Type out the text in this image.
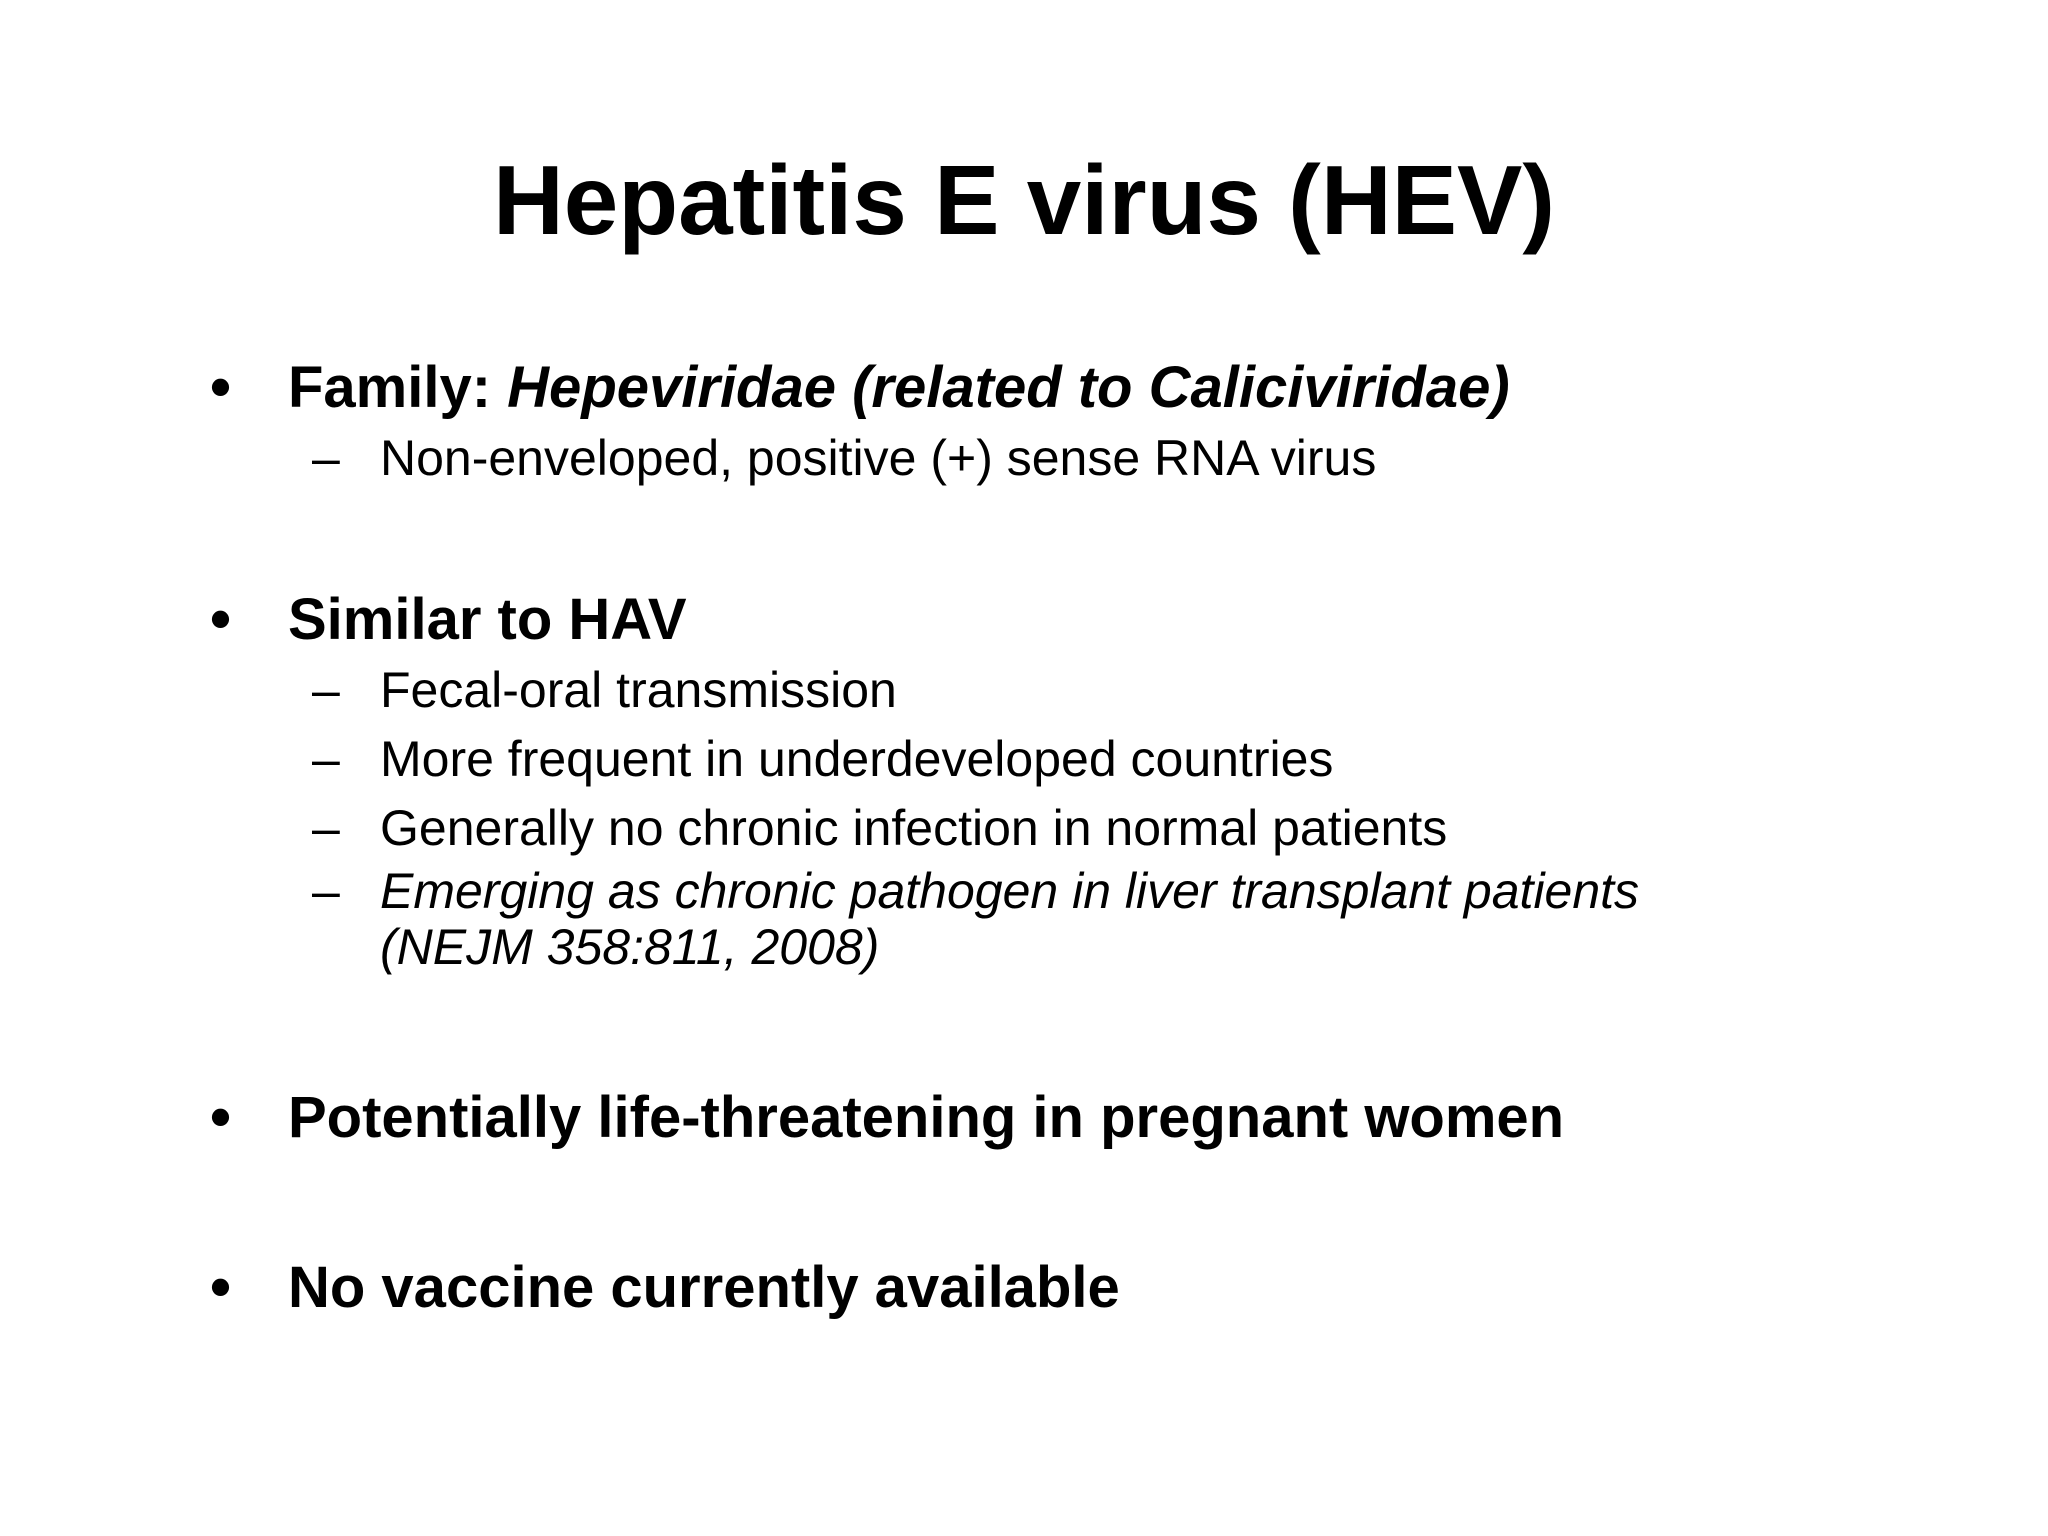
Hepatitis E virus (HEV)
• Family: Hepeviridae (related to Caliciviridae)
– Non-enveloped, positive (+) sense RNA virus
• Similar to HAV
– Fecal-oral transmission
– More frequent in underdeveloped countries
– Generally no chronic infection in normal patients
– Emerging as chronic pathogen in liver transplant patients
(NEJM 358:811, 2008)
• Potentially life-threatening in pregnant women
• No vaccine currently available
